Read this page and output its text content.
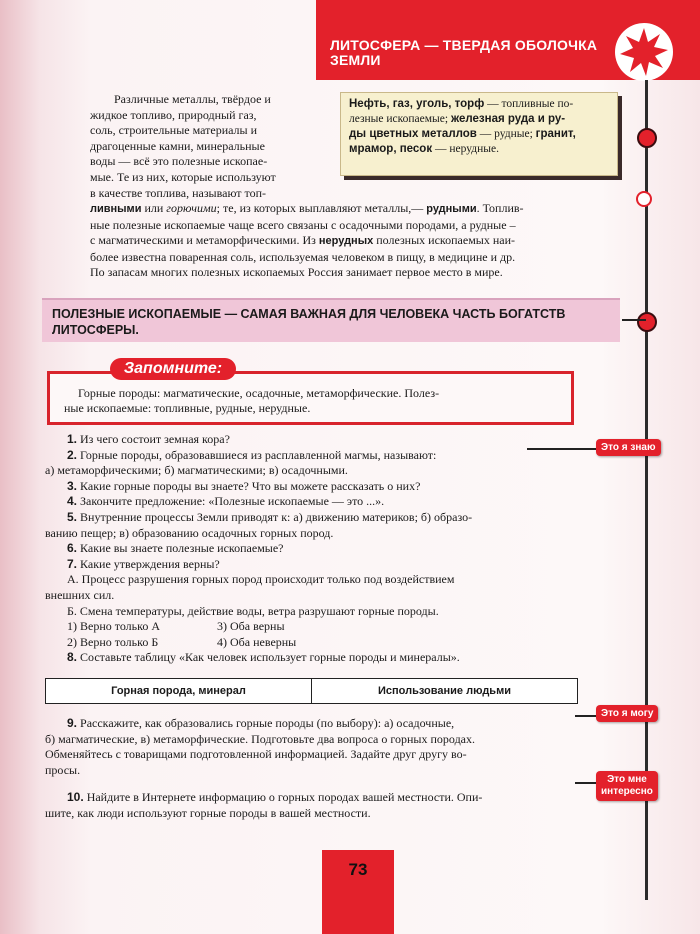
ЛИТОСФЕРА — ТВЕРДАЯ ОБОЛОЧКА ЗЕМЛИ
Различные металлы, твёрдое и
жидкое топливо, природный газ,
соль, строительные материалы и
драгоценные камни, минеральные
воды — всё это полезные ископае-
мые. Те из них, которые используют
в качестве топлива, называют топ-
Нефть, газ, уголь, торф — топливные по-
лезные ископаемые; железная руда и ру-
ды цветных металлов — рудные; гранит,
мрамор, песок — нерудные.
ливными или горючими; те, из которых выплавляют металлы,— рудными. Топлив-
ные полезные ископаемые чаще всего связаны с осадочными породами, а рудные –
с магматическими и метаморфическими. Из нерудных полезных ископаемых наи-
более известна поваренная соль, используемая человеком в пищу, в медицине и др.
По запасам многих полезных ископаемых Россия занимает первое место в мире.
ПОЛЕЗНЫЕ ИСКОПАЕМЫЕ — САМАЯ ВАЖНАЯ ДЛЯ ЧЕЛОВЕКА ЧАСТЬ БОГАТСТВ
ЛИТОСФЕРЫ.
Горные породы: магматические, осадочные, метаморфические. Полез-
ные ископаемые: топливные, рудные, нерудные.
Запомните:
1. Из чего состоит земная кора?
2. Горные породы, образовавшиеся из расплавленной магмы, называют:
а) метаморфическими; б) магматическими; в) осадочными.
3. Какие горные породы вы знаете? Что вы можете рассказать о них?
4. Закончите предложение: «Полезные ископаемые — это ...».
5. Внутренние процессы Земли приводят к: а) движению материков; б) образо-
ванию пещер; в) образованию осадочных горных пород.
6. Какие вы знаете полезные ископаемые?
7. Какие утверждения верны?
А. Процесс разрушения горных пород происходит только под воздействием
внешних сил.
Б. Смена температуры, действие воды, ветра разрушают горные породы.
1) Верно только А	3) Оба верны
2) Верно только Б	4) Оба неверны
8. Составьте таблицу «Как человек использует горные породы и минералы».
Горная порода, минерал	Использование людьми
9. Расскажите, как образовались горные породы (по выбору): а) осадочные,
б) магматические, в) метаморфические. Подготовьте два вопроса о горных породах.
Обменяйтесь с товарищами подготовленной информацией. Задайте друг другу во-
просы.
10. Найдите в Интернете информацию о горных породах вашей местности. Опи-
шите, как люди используют горные породы в вашей местности.
Это я знаю
Это я могу
Это мне
интересно
73
